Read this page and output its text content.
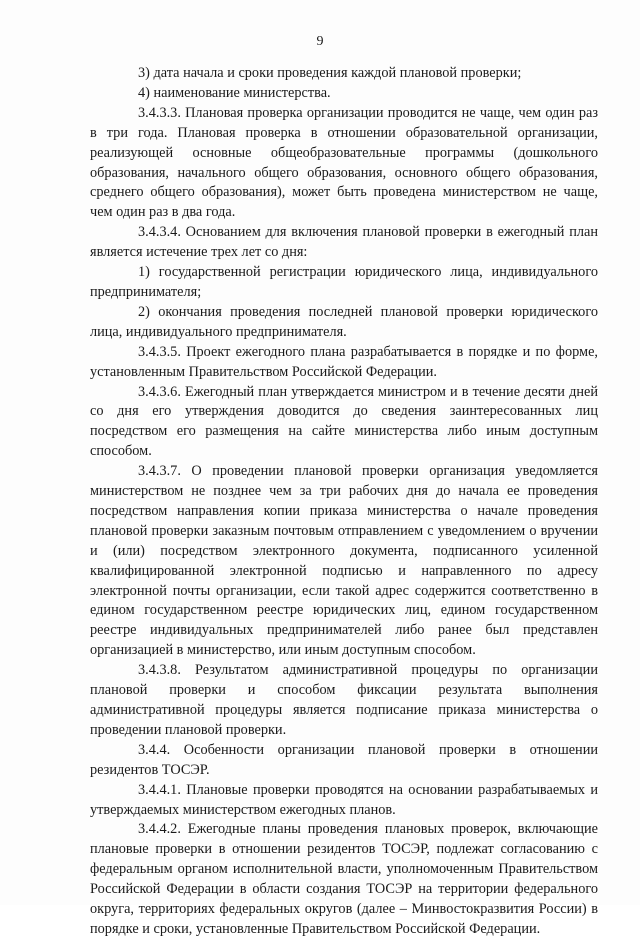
9

3) дата начала и сроки проведения каждой плановой проверки;

4) наименование министерства.

3.4.3.3. Плановая проверка организации проводится не чаще, чем один раз в три года. Плановая проверка в отношении образовательной организации, реализующей основные общеобразовательные программы (дошкольного образования, начального общего образования, основного общего образования, среднего общего образования), может быть проведена министерством не чаще, чем один раз в два года.

3.4.3.4. Основанием для включения плановой проверки в ежегодный план является истечение трех лет со дня:

1) государственной регистрации юридического лица, индивидуального предпринимателя;

2) окончания проведения последней плановой проверки юридического лица, индивидуального предпринимателя.

3.4.3.5. Проект ежегодного плана разрабатывается в порядке и по форме, установленным Правительством Российской Федерации.

3.4.3.6. Ежегодный план утверждается министром и в течение десяти дней со дня его утверждения доводится до сведения заинтересованных лиц посредством его размещения на сайте министерства либо иным доступным способом.

3.4.3.7. О проведении плановой проверки организация уведомляется министерством не позднее чем за три рабочих дня до начала ее проведения посредством направления копии приказа министерства о начале проведения плановой проверки заказным почтовым отправлением с уведомлением о вручении и (или) посредством электронного документа, подписанного усиленной квалифицированной электронной подписью и направленного по адресу электронной почты организации, если такой адрес содержится соответственно в едином государственном реестре юридических лиц, едином государственном реестре индивидуальных предпринимателей либо ранее был представлен организацией в министерство, или иным доступным способом.

3.4.3.8. Результатом административной процедуры по организации плановой проверки и способом фиксации результата выполнения административной процедуры является подписание приказа министерства о проведении плановой проверки.

3.4.4. Особенности организации плановой проверки в отношении резидентов ТОСЭР.

3.4.4.1. Плановые проверки проводятся на основании разрабатываемых и утверждаемых министерством ежегодных планов.

3.4.4.2. Ежегодные планы проведения плановых проверок, включающие плановые проверки в отношении резидентов ТОСЭР, подлежат согласованию с федеральным органом исполнительной власти, уполномоченным Правительством Российской Федерации в области создания ТОСЭР на территории федерального округа, территориях федеральных округов (далее – Минвостокразвития России) в порядке и сроки, установленные Правительством Российской Федерации.
